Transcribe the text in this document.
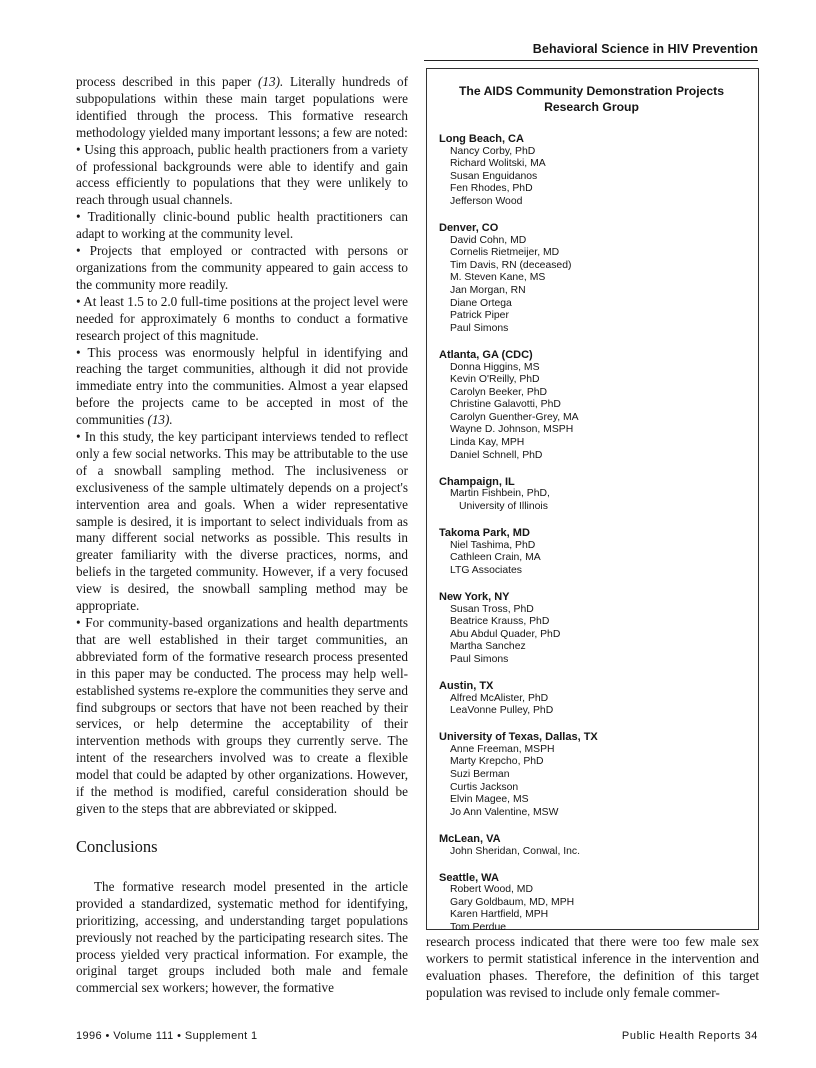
Behavioral Science in HIV Prevention

process described in this paper (13). Literally hundreds of subpopulations within these main target populations were identified through the process. This formative research methodology yielded many important lessons; a few are noted:

• Using this approach, public health practioners from a variety of professional backgrounds were able to identify and gain access efficiently to populations that they were unlikely to reach through usual channels.

• Traditionally clinic-bound public health practitioners can adapt to working at the community level.

• Projects that employed or contracted with persons or organizations from the community appeared to gain access to the community more readily.

• At least 1.5 to 2.0 full-time positions at the project level were needed for approximately 6 months to conduct a formative research project of this magnitude.

• This process was enormously helpful in identifying and reaching the target communities, although it did not provide immediate entry into the communities. Almost a year elapsed before the projects came to be accepted in most of the communities (13).

• In this study, the key participant interviews tended to reflect only a few social networks. This may be attributable to the use of a snowball sampling method. The inclusiveness or exclusiveness of the sample ultimately depends on a project's intervention area and goals. When a wider representative sample is desired, it is important to select individuals from as many different social networks as possible. This results in greater familiarity with the diverse practices, norms, and beliefs in the targeted community. However, if a very focused view is desired, the snowball sampling method may be appropriate.

• For community-based organizations and health departments that are well established in their target communities, an abbreviated form of the formative research process presented in this paper may be conducted. The process may help well-established systems re-explore the communities they serve and find subgroups or sectors that have not been reached by their services, or help determine the acceptability of their intervention methods with groups they currently serve. The intent of the researchers involved was to create a flexible model that could be adapted by other organizations. However, if the method is modified, careful consideration should be given to the steps that are abbreviated or skipped.

Conclusions

The formative research model presented in the article provided a standardized, systematic method for identifying, prioritizing, accessing, and understanding target populations previously not reached by the participating research sites. The process yielded very practical information. For example, the original target groups included both male and female commercial sex workers; however, the formative

The AIDS Community Demonstration Projects
Research Group
Long Beach, CA
Nancy Corby, PhD
Richard Wolitski, MA
Susan Enguidanos
Fen Rhodes, PhD
Jefferson Wood
Denver, CO
David Cohn, MD
Cornelis Rietmeijer, MD
Tim Davis, RN (deceased)
M. Steven Kane, MS
Jan Morgan, RN
Diane Ortega
Patrick Piper
Paul Simons
Atlanta, GA (CDC)
Donna Higgins, MS
Kevin O'Reilly, PhD
Carolyn Beeker, PhD
Christine Galavotti, PhD
Carolyn Guenther-Grey, MA
Wayne D. Johnson, MSPH
Linda Kay, MPH
Daniel Schnell, PhD
Champaign, IL
Martin Fishbein, PhD,
University of Illinois
Takoma Park, MD
Niel Tashima, PhD
Cathleen Crain, MA
LTG Associates
New York, NY
Susan Tross, PhD
Beatrice Krauss, PhD
Abu Abdul Quader, PhD
Martha Sanchez
Paul Simons
Austin, TX
Alfred McAlister, PhD
LeaVonne Pulley, PhD
University of Texas, Dallas, TX
Anne Freeman, MSPH
Marty Krepcho, PhD
Suzi Berman
Curtis Jackson
Elvin Magee, MS
Jo Ann Valentine, MSW
McLean, VA
John Sheridan, Conwal, Inc.
Seattle, WA
Robert Wood, MD
Gary Goldbaum, MD, MPH
Karen Hartfield, MPH
Tom Perdue

research process indicated that there were too few male sex workers to permit statistical inference in the intervention and evaluation phases. Therefore, the definition of this target population was revised to include only female commer-

1996 • Volume 111 • Supplement 1	Public Health Reports 34
